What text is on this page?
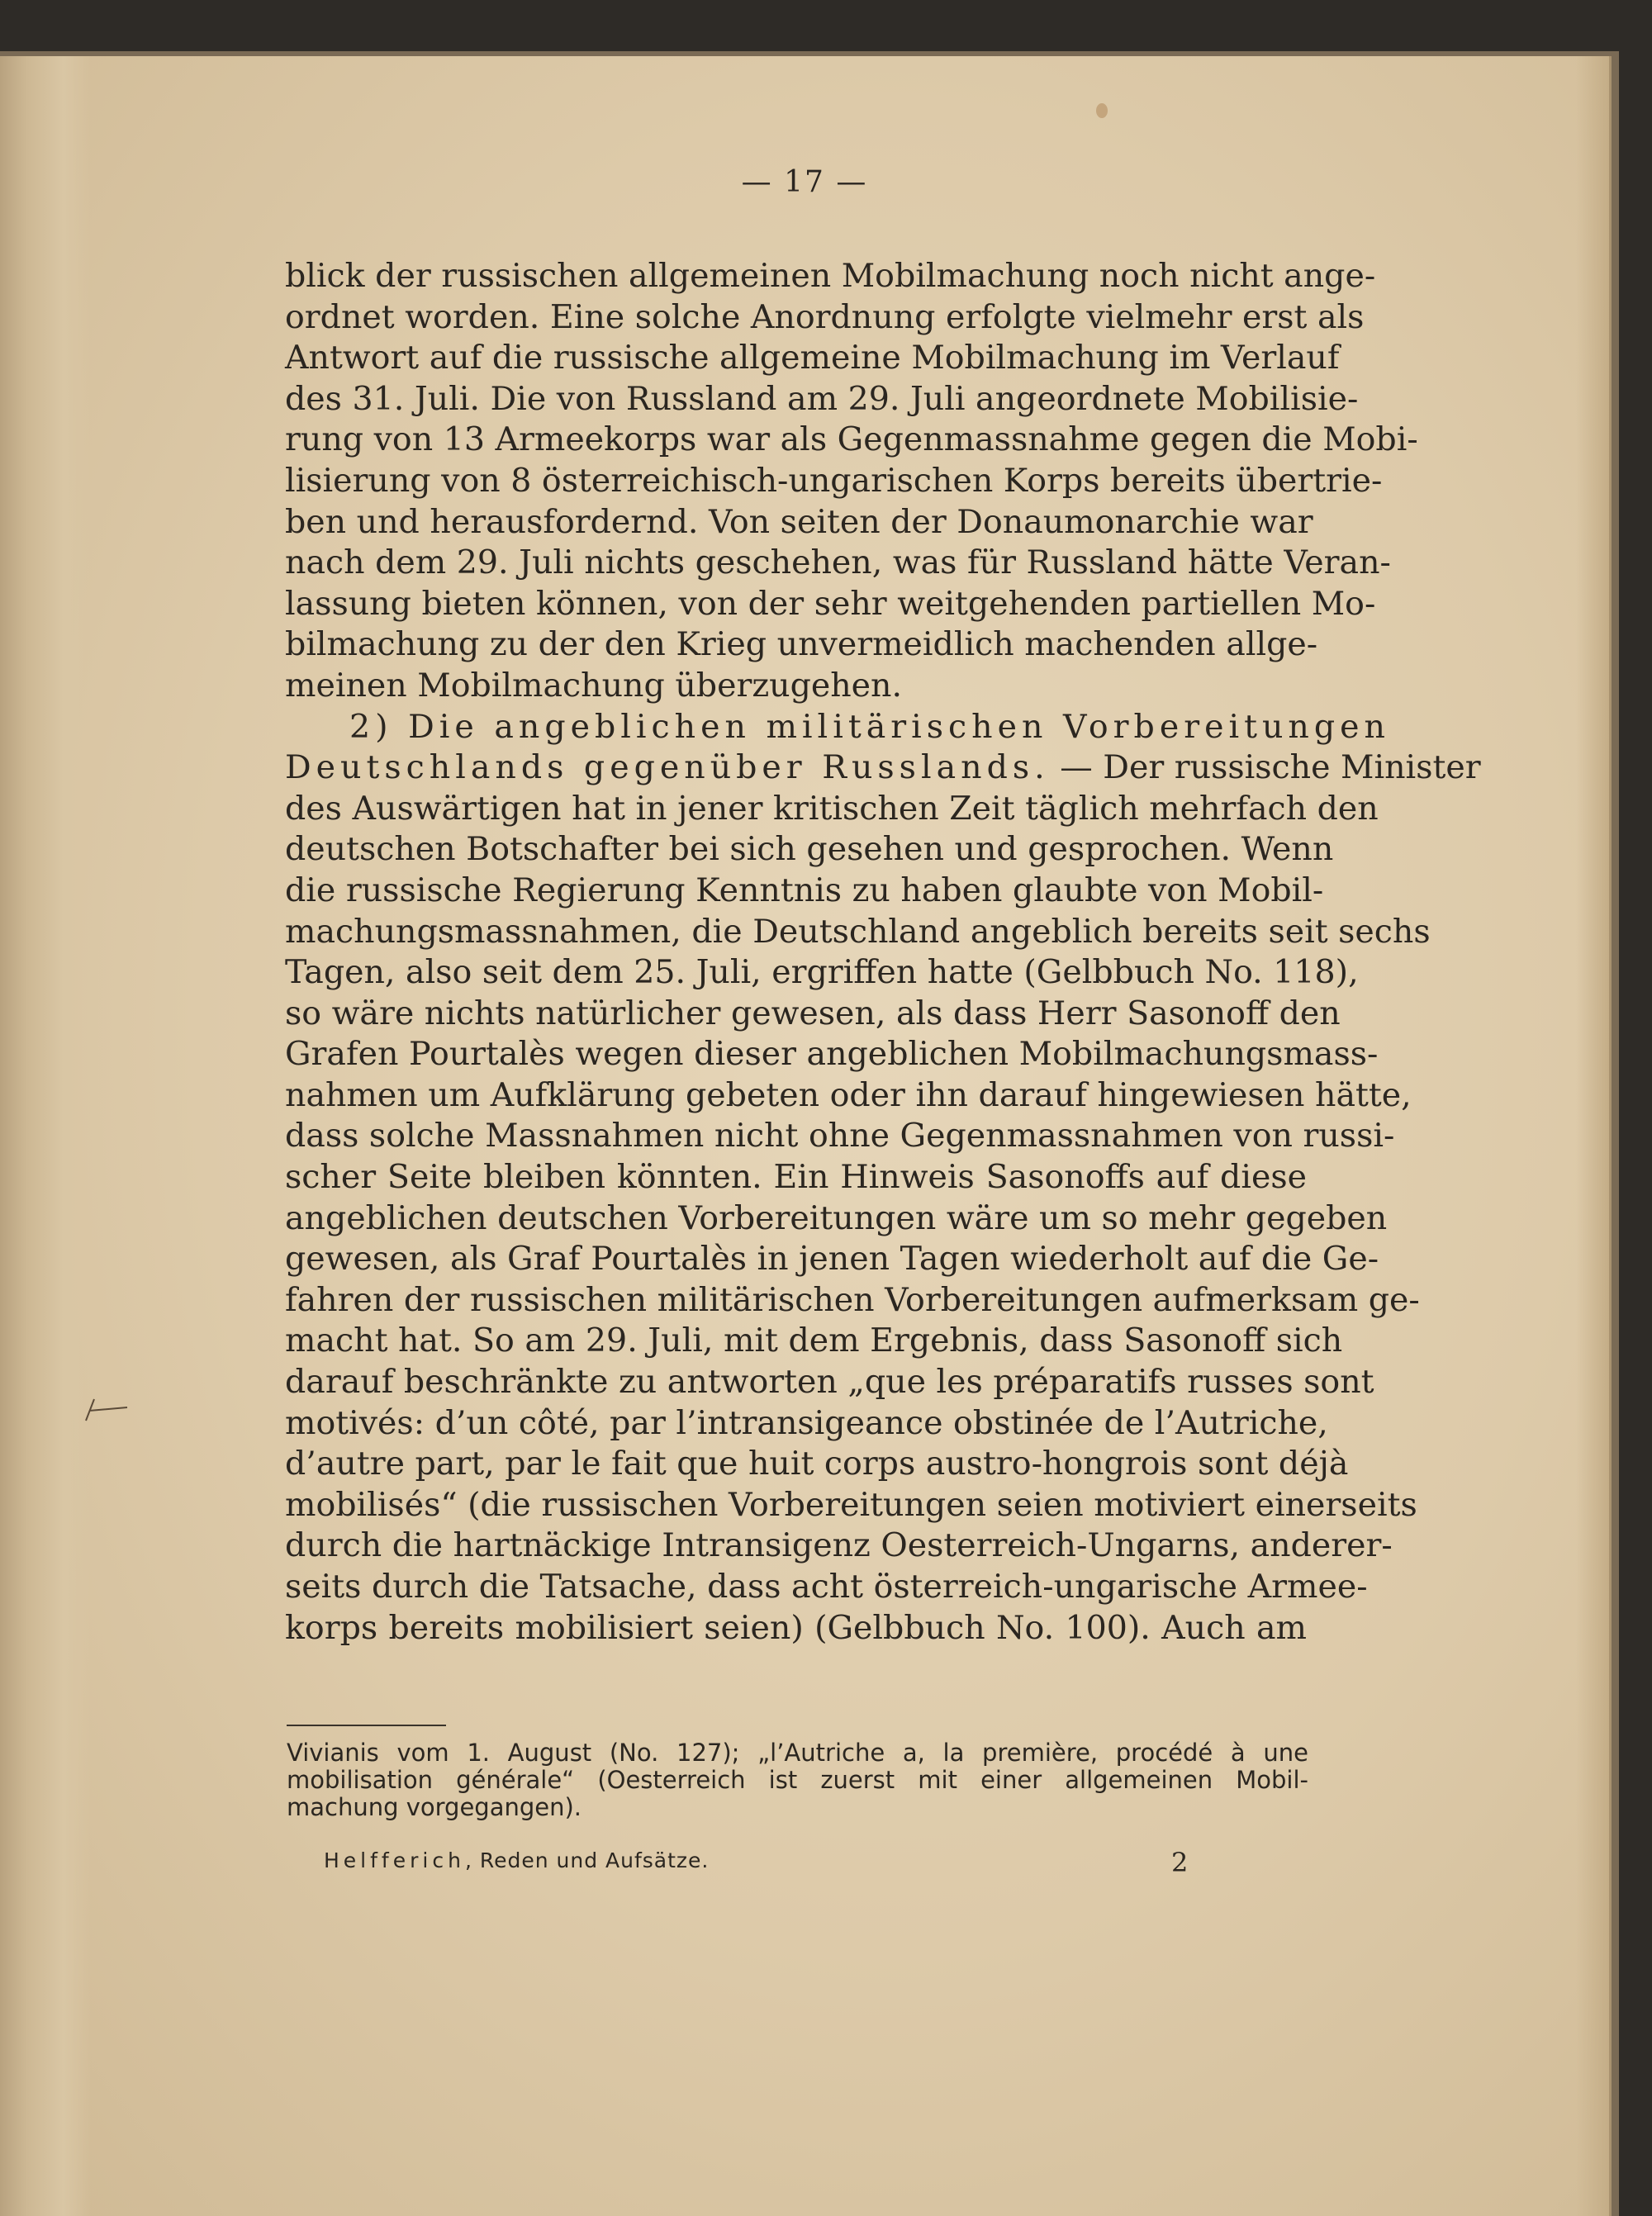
— 17 —
blick der russischen allgemeinen Mobilmachung noch nicht ange-
ordnet worden. Eine solche Anordnung erfolgte vielmehr erst als
Antwort auf die russische allgemeine Mobilmachung im Verlauf
des 31. Juli. Die von Russland am 29. Juli angeordnete Mobilisie-
rung von 13 Armeekorps war als Gegenmassnahme gegen die Mobi-
lisierung von 8 österreichisch-ungarischen Korps bereits übertrie-
ben und herausfordernd. Von seiten der Donaumonarchie war
nach dem 29. Juli nichts geschehen, was für Russland hätte Veran-
lassung bieten können, von der sehr weitgehenden partiellen Mo-
bilmachung zu der den Krieg unvermeidlich machenden allge-
meinen Mobilmachung überzugehen.
2) Die angeblichen militärischen Vorbereitungen
Deutschlands gegenüber Russlands. — Der russische Minister
des Auswärtigen hat in jener kritischen Zeit täglich mehrfach den
deutschen Botschafter bei sich gesehen und gesprochen. Wenn
die russische Regierung Kenntnis zu haben glaubte von Mobil-
machungsmassnahmen, die Deutschland angeblich bereits seit sechs
Tagen, also seit dem 25. Juli, ergriffen hatte (Gelbbuch No. 118),
so wäre nichts natürlicher gewesen, als dass Herr Sasonoff den
Grafen Pourtalès wegen dieser angeblichen Mobilmachungsmass-
nahmen um Aufklärung gebeten oder ihn darauf hingewiesen hätte,
dass solche Massnahmen nicht ohne Gegenmassnahmen von russi-
scher Seite bleiben könnten. Ein Hinweis Sasonoffs auf diese
angeblichen deutschen Vorbereitungen wäre um so mehr gegeben
gewesen, als Graf Pourtalès in jenen Tagen wiederholt auf die Ge-
fahren der russischen militärischen Vorbereitungen aufmerksam ge-
macht hat. So am 29. Juli, mit dem Ergebnis, dass Sasonoff sich
darauf beschränkte zu antworten „que les préparatifs russes sont
motivés: d’un côté, par l’intransigeance obstinée de l’Autriche,
d’autre part, par le fait que huit corps austro-hongrois sont déjà
mobilisés“ (die russischen Vorbereitungen seien motiviert einerseits
durch die hartnäckige Intransigenz Oesterreich-Ungarns, anderer-
seits durch die Tatsache, dass acht österreich-ungarische Armee-
korps bereits mobilisiert seien) (Gelbbuch No. 100). Auch am
Vivianis vom 1. August (No. 127); „l’Autriche a, la première, procédé à une
mobilisation générale“ (Oesterreich ist zuerst mit einer allgemeinen Mobil-
machung vorgegangen).
Helfferich, Reden und Aufsätze.	2
